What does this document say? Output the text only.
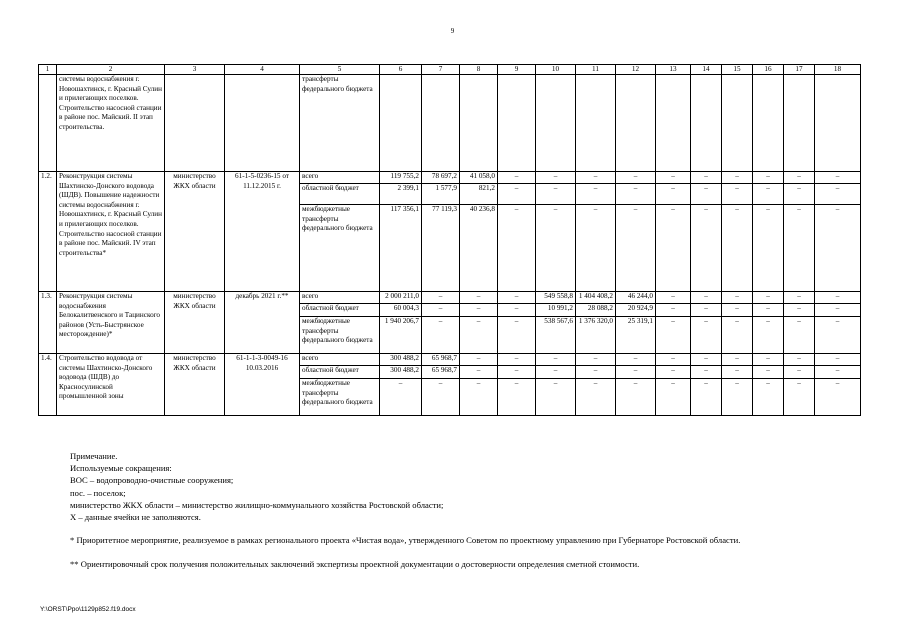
9
1	2	3	4	5	6	7	8	9	10	11	12	13	14	15	16	17	18
	системы водоснабжения г. Новошахтинск, г. Красный Сулин и прилегающих поселков. Строительство насосной станции в районе пос. Майский. II этап строительства.			трансферты федерального бюджета													
1.2.	Реконструкция системы Шахтинско-Донского водовода (ШДВ). Повышение надежности системы водоснабжения г. Новошахтинск, г. Красный Сулин и прилегающих поселков. Строительство насосной станции в районе пос. Майский. IV этап строительства*	министерство ЖКХ области	61-1-5-0236-15 от 11.12.2015 г.	всего	119 755,2	78 697,2	41 058,0	–	–	–	–	–	–	–	–	–	–
				областной бюджет	2 399,1	1 577,9	821,2	–	–	–	–	–	–	–	–	–	–
				межбюджетные трансферты федерального бюджета	117 356,1	77 119,3	40 236,8	–	–	–	–	–	–	–	–	–	–
1.3.	Реконструкция системы водоснабжения Белокалитвенского и Тацинского районов (Усть-Быстрянское месторождение)*	министерство ЖКХ области	декабрь 2021 г.**	всего	2 000 211,0	–	–	–	549 558,8	1 404 408,2	46 244,0	–	–	–	–	–	–
				областной бюджет	60 004,3	–	–	–	10 991,2	28 088,2	20 924,9	–	–	–	–	–	–
				межбюджетные трансферты федерального бюджета	1 940 206,7	–	–	–	538 567,6	1 376 320,0	25 319,1	–	–	–	–	–	–
1.4.	Строительство водовода от системы Шахтинско-Донского водовода (ШДВ) до Красносулинской промышленной зоны	министерство ЖКХ области	61-1-1-3-0049-16 10.03.2016	всего	300 488,2	65 968,7	–	–	–	–	–	–	–	–	–	–	–
				областной бюджет	300 488,2	65 968,7	–	–	–	–	–	–	–	–	–	–	–
				межбюджетные трансферты федерального бюджета	–	–	–	–	–	–	–	–	–	–	–	–	–

Примечание.

Используемые сокращения:

ВОС – водопроводно-очистные сооружения;

пос. – поселок;

министерство ЖКХ области – министерство жилищно-коммунального хозяйства Ростовской области;

Х – данные ячейки не заполняются.

* Приоритетное мероприятие, реализуемое в рамках регионального проекта «Чистая вода», утвержденного Советом по проектному управлению при Губернаторе Ростовской области.

** Ориентировочный срок получения положительных заключений экспертизы проектной документации о достоверности определения сметной стоимости.

Y:\ORST\Ppo\1129p852.f19.docx
